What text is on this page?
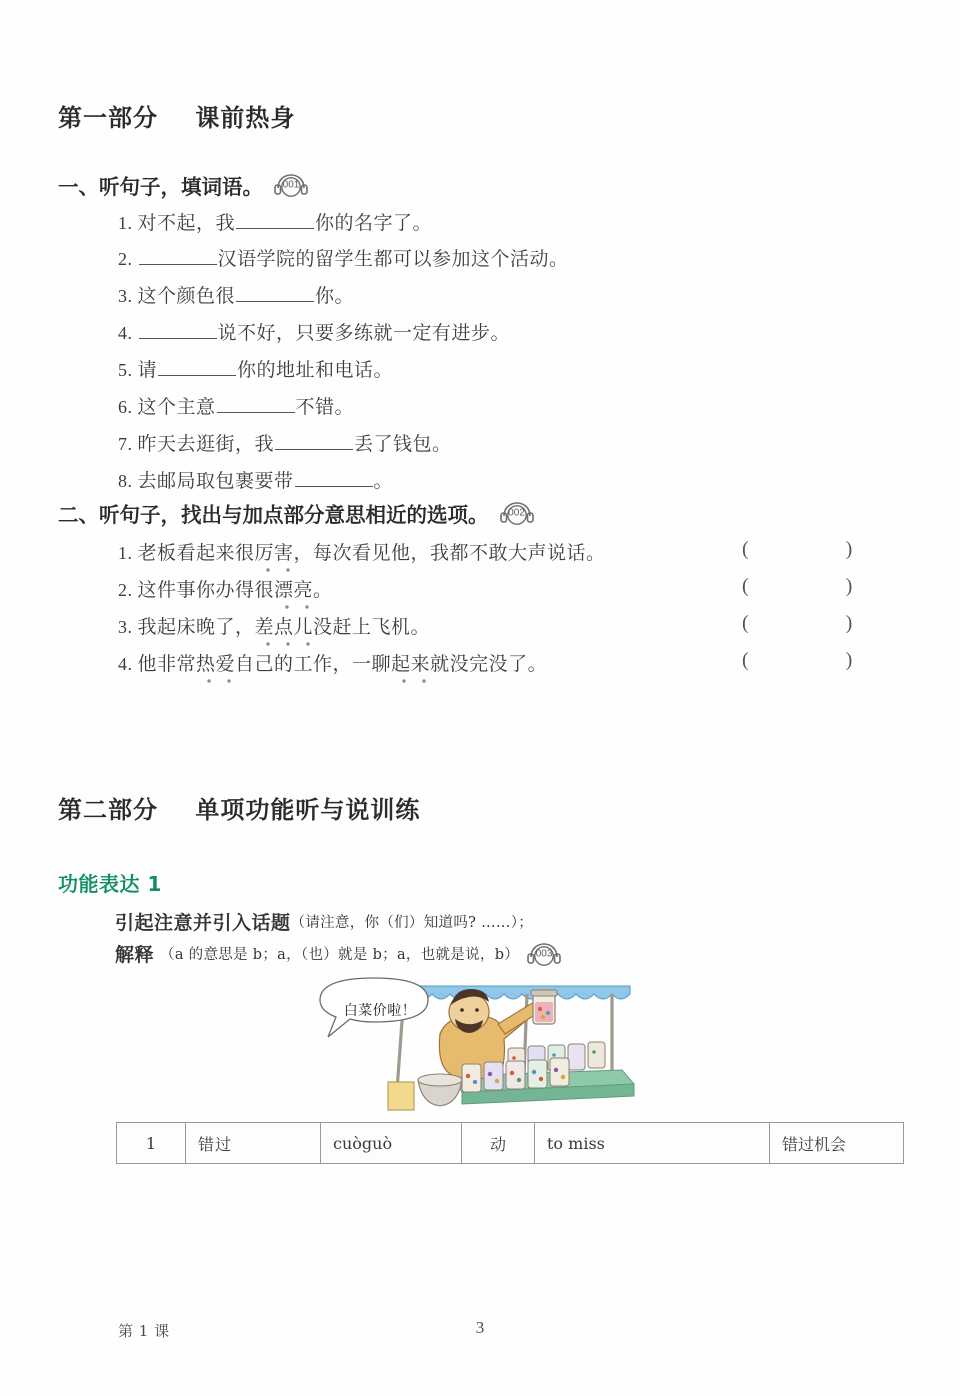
第一部分    课前热身
一、听句子，填词语。	001
1. 对不起，我	你的名字了。
2.	汉语学院的留学生都可以参加这个活动。
3. 这个颜色很	你。
4.	说不好，只要多练就一定有进步。
5. 请	你的地址和电话。
6. 这个主意	不错。
7. 昨天去逛街，我	丢了钱包。
8. 去邮局取包裹要带	。
二、听句子，找出与加点部分意思相近的选项。	002
1. 老板看起来很厉害，每次看见他，我都不敢大声说话。	( )
2. 这件事你办得很漂亮。	( )
3. 我起床晚了，差点儿没赶上飞机。	( )
4. 他非常热爱自己的工作，一聊起来就没完没了。	( )
第二部分    单项功能听与说训练
功能表达 1
引起注意并引入话题 （请注意，你（们）知道吗? ……）；
解释 （a 的意思是 b；a，（也）就是 b；a，也就是说，b）	003
白菜价啦！
1	错过	cuòguò	动	to miss	错过机会
第 1 课	3
